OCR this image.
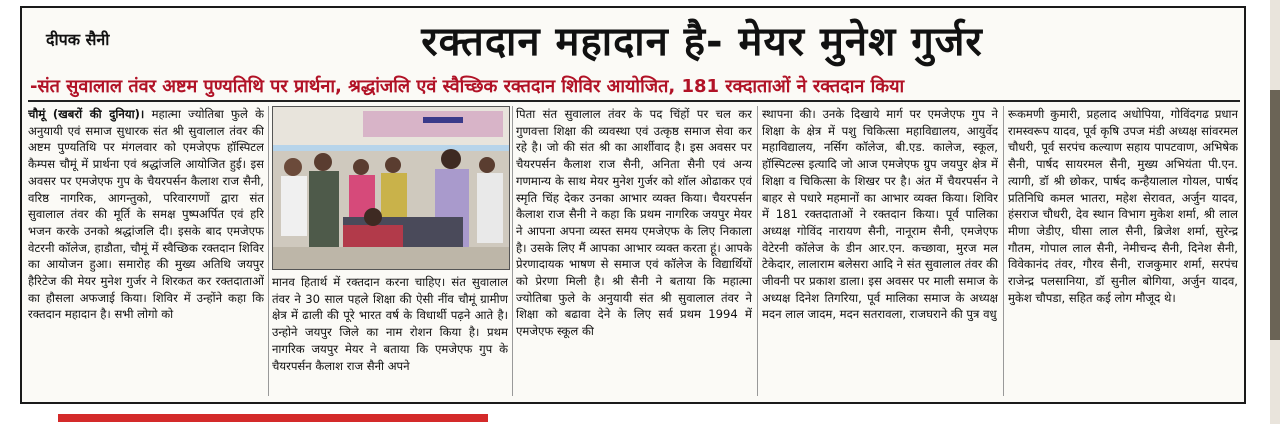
दीपक सैनी	रक्तदान महादान है- मेयर मुनेश गुर्जर
-संत सुवालाल तंवर अष्टम पुण्यतिथि पर प्रार्थना, श्रद्धांजलि एवं स्वैच्छिक रक्तदान शिविर आयोजित, 181 रक्दाताओं ने रक्तदान किया
चौमूं (खबरों की दुनिया)। महात्मा ज्योतिबा फुले के अनुयायी एवं समाज सुधारक संत श्री सुवालाल तंवर की अष्टम पुण्यतिथि पर मंगलवार को एमजेएफ हॉस्पिटल कैम्पस चौमूं में प्रार्थना एवं श्रद्धांजलि आयोजित हुई। इस अवसर पर एमजेएफ गुप के चैयरपर्सन कैलाश राज सैनी, वरिष्ठ नागरिक, आगन्तुको, परिवारगणों द्वारा संत सुवालाल तंवर की मूर्ति के समक्ष पुष्पअर्पित एवं हरि भजन करके उनको श्रद्धांजलि दी। इसके बाद एमजेएफ वेटरनी कॉलेज, हाडौता, चौमूं में स्वैच्छिक रक्तदान शिविर का आयोजन हुआ। समारोह की मुख्य अतिथि जयपुर हैरिटेज की मेयर मुनेश गुर्जर ने शिरकत कर रक्तदाताओं का हौसला अफजाई किया। शिविर में उन्होंने कहा कि रक्तदान महादान है। सभी लोगो को
मानव हितार्थ में रक्तदान करना चाहिए। संत सुवालाल तंवर ने 30 साल पहले शिक्षा की ऐसी नींव चौमूं ग्रामीण क्षेत्र में ढाली की पूरे भारत वर्ष के विधार्थी पढ़ने आते है। उन्होने जयपुर जिले का नाम रोशन किया है। प्रथम नागरिक जयपुर मेयर ने बताया कि एमजेएफ गुप के चैयरपर्सन कैलाश राज सैनी अपने
पिता संत सुवालाल तंवर के पद चिंहों पर चल कर गुणवत्ता शिक्षा की व्यवस्था एवं उत्कृष्ठ समाज सेवा कर रहे है। जो की संत श्री का आर्शीवाद है। इस अवसर पर चैयरपर्सन कैलाश राज सैनी, अनिता सैनी एवं अन्य गणमान्य के साथ मेयर मुनेश गुर्जर को शॉल ओढाकर एवं स्मृति चिंह देकर उनका आभार व्यक्त किया। चैयरपर्सन कैलाश राज सैनी ने कहा कि प्रथम नागरिक जयपुर मेयर ने आपना अपना व्यस्त समय एमजेएफ के लिए निकाला है। उसके लिए मैं आपका आभार व्यक्त करता हूं। आपके प्रेरणादायक भाषण से समाज एवं कॉलेज के विद्यार्थियों को प्रेरणा मिली है। श्री सैनी ने बताया कि महात्मा ज्योतिबा फुले के अनुयायी संत श्री सुवालाल तंवर ने शिक्षा को बढावा देने के लिए सर्व प्रथम 1994 में एमजेएफ स्कूल की
स्थापना की। उनके दिखाये मार्ग पर एमजेएफ गुप ने शिक्षा के क्षेत्र में पशु चिकित्सा महाविद्यालय, आयुर्वेद महाविद्यालय, नर्सिग कॉलेज, बी.एड. कालेज, स्कूल, हॉस्पिटल्स इत्यादि जो आज एमजेएफ ग्रुप जयपुर क्षेत्र में शिक्षा व चिकित्सा के शिखर पर है। अंत में चैयरपर्सन ने बाहर से पधारे महमानों का आभार व्यक्त किया। शिविर में 181 रक्तदाताओं ने रक्तदान किया। पूर्व पालिका अध्यक्ष गोविंद नारायण सैनी, नानूराम सैनी, एमजेएफ वेटेरनी कॉलेज के डीन आर.एन. कच्छावा, मुरज मल टेकेदार, लालाराम बलेसरा आदि ने संत सुवालाल तंवर की जीवनी पर प्रकाश डाला। इस अवसर पर माली समाज के अध्यक्ष दिनेश तिगरिया, पूर्व मालिका समाज के अध्यक्ष मदन लाल जादम, मदन सतरावला, राजघराने की पुत्र वधु
रूकमणी कुमारी, प्रहलाद अधोपिया, गोविंदगढ प्रधान रामस्वरूप यादव, पूर्व कृषि उपज मंडी अध्यक्ष सांवरमल चौधरी, पूर्व सरपंच कल्याण सहाय पापटवाण, अभिषेक सैनी, पार्षद सायरमल सैनी, मुख्य अभियंता पी.एन. त्यागी, डॉ श्री छोकर, पार्षद कन्हैयालाल गोयल, पार्षद प्रतिनिधि कमल भातरा, महेश सेरावत, अर्जुन यादव, हंसराज चौधरी, देव स्थान विभाग मुकेश शर्मा, श्री लाल मीणा जेडीए, घीसा लाल सैनी, ब्रिजेश शर्मा, सुरेन्द्र गौतम, गोपाल लाल सैनी, नेमीचन्द सैनी, दिनेश सैनी, विवेकानंद तंवर, गौरव सैनी, राजकुमार शर्मा, सरपंच राजेन्द्र पलसानिया, डॉ सुनील बोगिया, अर्जुन यादव, मुकेश चौपडा, सहित कई लोग मौजूद थे।
